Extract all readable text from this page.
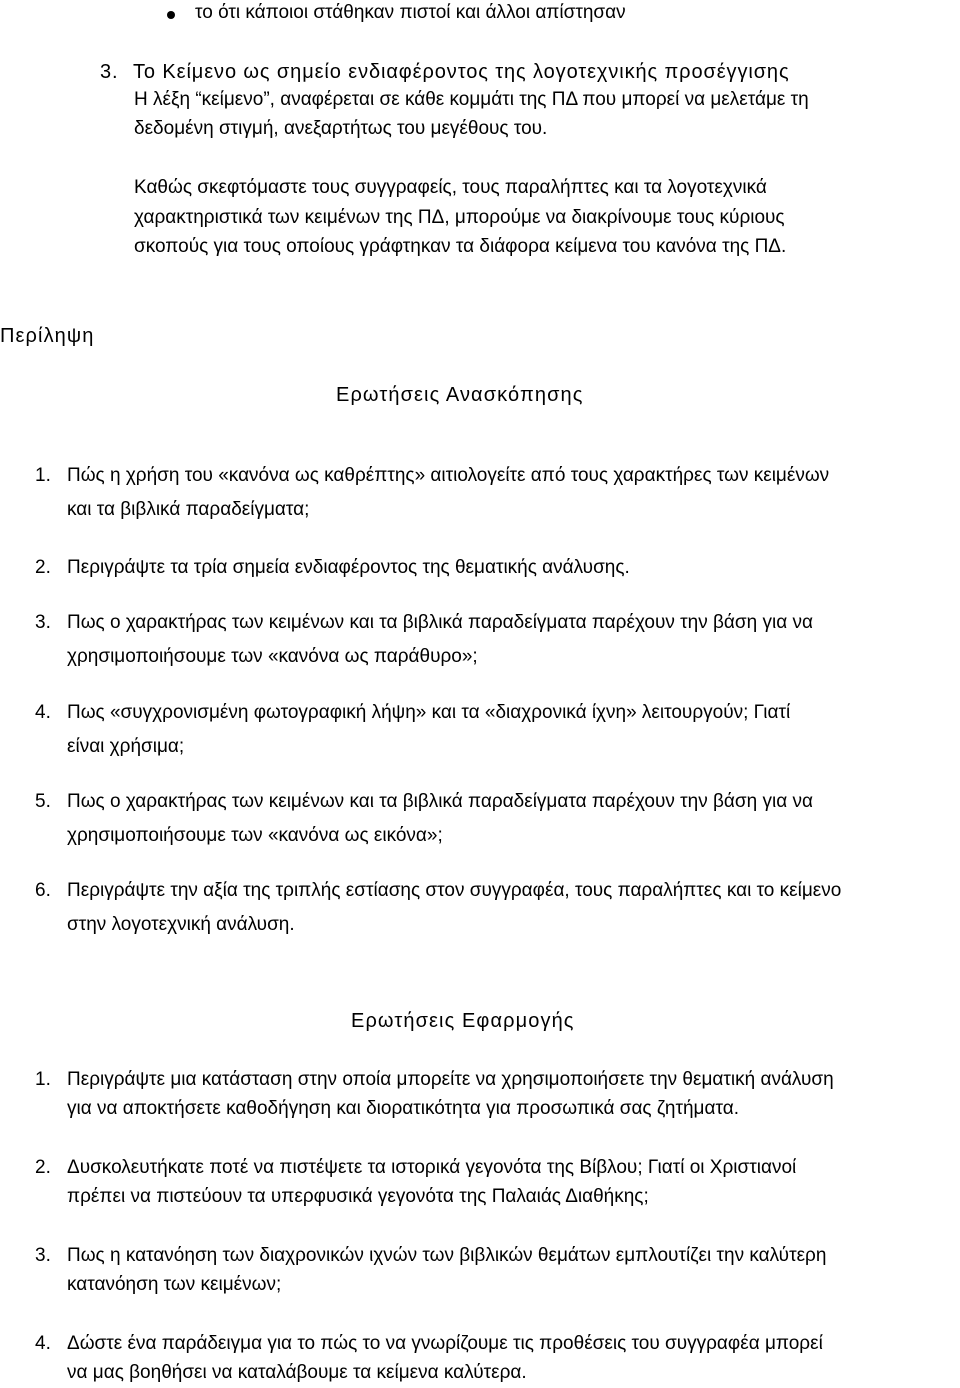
το ότι κάποιοι στάθηκαν πιστοί και άλλοι απίστησαν
3. Το Κείμενο ως σημείο ενδιαφέροντος της λογοτεχνικής προσέγγισης
Η λέξη “κείμενο”, αναφέρεται σε κάθε κομμάτι της ΠΔ που μπορεί να μελετάμε τη
δεδομένη στιγμή, ανεξαρτήτως του μεγέθους του.
Καθώς σκεφτόμαστε τους συγγραφείς, τους παραλήπτες και τα λογοτεχνικά
χαρακτηριστικά των κειμένων της ΠΔ, μπορούμε να διακρίνουμε τους κύριους
σκοπούς για τους οποίους γράφτηκαν τα διάφορα κείμενα του κανόνα της ΠΔ.
Περίληψη
Ερωτήσεις Ανασκόπησης
1. Πώς η χρήση του «κανόνα ως καθρέπτης» αιτιολογείτε από τους χαρακτήρες των κειμένων
και τα βιβλικά παραδείγματα;
2. Περιγράψτε τα τρία σημεία ενδιαφέροντος της θεματικής ανάλυσης.
3. Πως ο χαρακτήρας των κειμένων και τα βιβλικά παραδείγματα παρέχουν την βάση για να
χρησιμοποιήσουμε των «κανόνα ως παράθυρο»;
4. Πως «συγχρονισμένη φωτογραφική λήψη» και τα «διαχρονικά ίχνη» λειτουργούν; Γιατί
είναι χρήσιμα;
5. Πως ο χαρακτήρας των κειμένων και τα βιβλικά παραδείγματα παρέχουν την βάση για να
χρησιμοποιήσουμε των «κανόνα ως εικόνα»;
6. Περιγράψτε την αξία της τριπλής εστίασης στον συγγραφέα, τους παραλήπτες και το κείμενο
στην λογοτεχνική ανάλυση.
Ερωτήσεις Εφαρμογής
1. Περιγράψτε μια κατάσταση στην οποία μπορείτε να χρησιμοποιήσετε την θεματική ανάλυση
για να αποκτήσετε καθοδήγηση και διορατικότητα για προσωπικά σας ζητήματα.
2. Δυσκολευτήκατε ποτέ να πιστέψετε τα ιστορικά γεγονότα της Βίβλου; Γιατί οι Χριστιανοί
πρέπει να πιστεύουν τα υπερφυσικά γεγονότα της Παλαιάς Διαθήκης;
3. Πως η κατανόηση των διαχρονικών ιχνών των βιβλικών θεμάτων εμπλουτίζει την καλύτερη
κατανόηση των κειμένων;
4. Δώστε ένα παράδειγμα για το πώς το να γνωρίζουμε τις προθέσεις του συγγραφέα μπορεί
να μας βοηθήσει να καταλάβουμε τα κείμενα καλύτερα.
